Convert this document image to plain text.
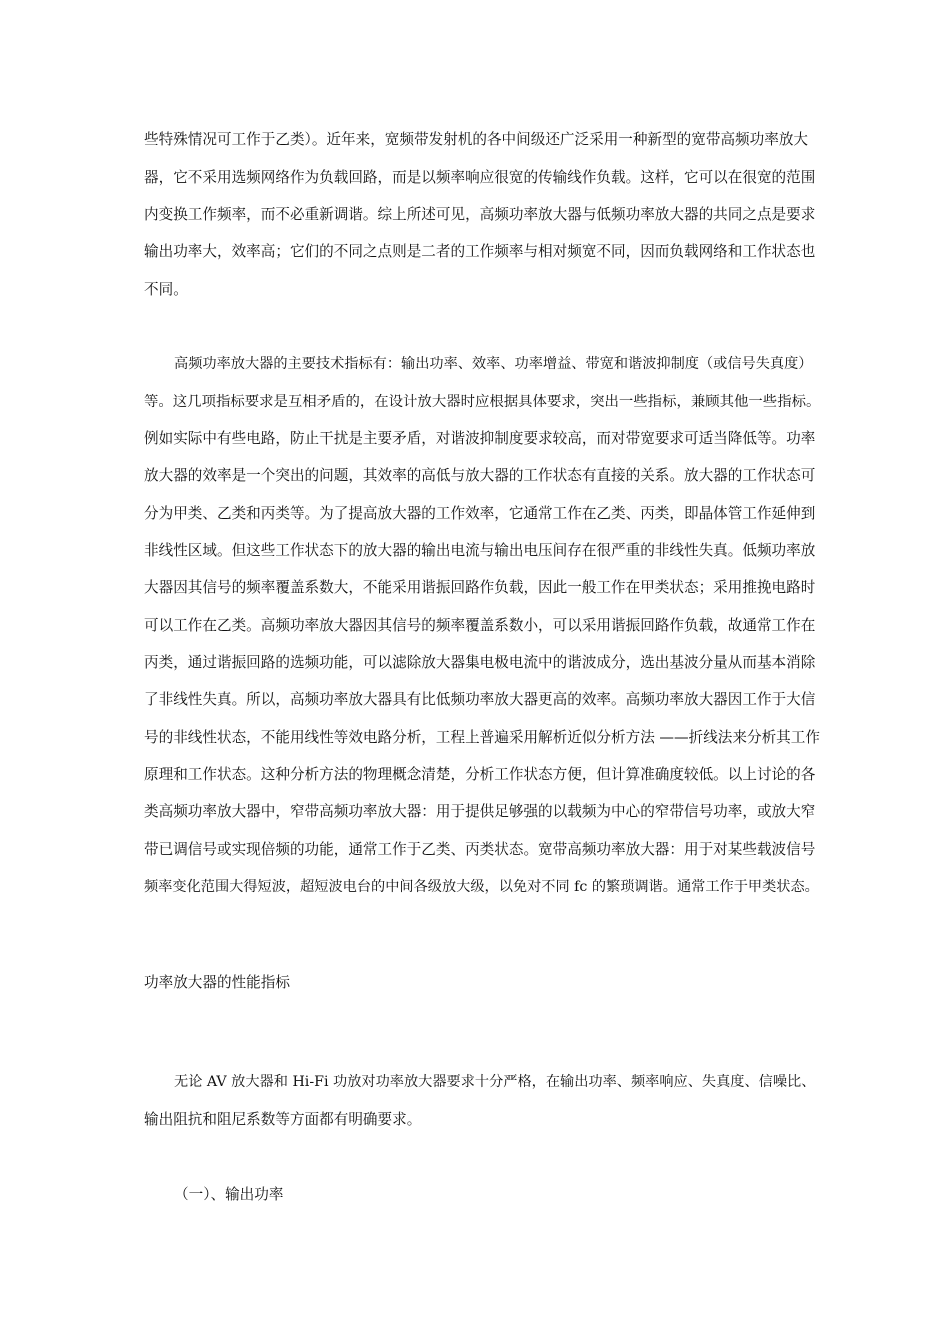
些特殊情况可工作于乙类）。近年来，宽频带发射机的各中间级还广泛采用一种新型的宽带高频功率放大
器，它不采用选频网络作为负载回路，而是以频率响应很宽的传输线作负载。这样，它可以在很宽的范围
内变换工作频率，而不必重新调谐。综上所述可见，高频功率放大器与低频功率放大器的共同之点是要求
输出功率大，效率高；它们的不同之点则是二者的工作频率与相对频宽不同，因而负载网络和工作状态也
不同。
高频功率放大器的主要技术指标有：输出功率、效率、功率增益、带宽和谐波抑制度（或信号失真度）
等。这几项指标要求是互相矛盾的，在设计放大器时应根据具体要求，突出一些指标，兼顾其他一些指标。
例如实际中有些电路，防止干扰是主要矛盾，对谐波抑制度要求较高，而对带宽要求可适当降低等。功率
放大器的效率是一个突出的问题，其效率的高低与放大器的工作状态有直接的关系。放大器的工作状态可
分为甲类、乙类和丙类等。为了提高放大器的工作效率，它通常工作在乙类、丙类，即晶体管工作延伸到
非线性区域。但这些工作状态下的放大器的输出电流与输出电压间存在很严重的非线性失真。低频功率放
大器因其信号的频率覆盖系数大，不能采用谐振回路作负载，因此一般工作在甲类状态；采用推挽电路时
可以工作在乙类。高频功率放大器因其信号的频率覆盖系数小，可以采用谐振回路作负载，故通常工作在
丙类，通过谐振回路的选频功能，可以滤除放大器集电极电流中的谐波成分，选出基波分量从而基本消除
了非线性失真。所以，高频功率放大器具有比低频功率放大器更高的效率。高频功率放大器因工作于大信
号的非线性状态，不能用线性等效电路分析，工程上普遍采用解析近似分析方法 ——折线法来分析其工作
原理和工作状态。这种分析方法的物理概念清楚，分析工作状态方便，但计算准确度较低。以上讨论的各
类高频功率放大器中，窄带高频功率放大器：用于提供足够强的以载频为中心的窄带信号功率，或放大窄
带已调信号或实现倍频的功能，通常工作于乙类、丙类状态。宽带高频功率放大器：用于对某些载波信号
频率变化范围大得短波，超短波电台的中间各级放大级，以免对不同 fc 的繁琐调谐。通常工作于甲类状态。
功率放大器的性能指标
无论 AV 放大器和 Hi-Fi 功放对功率放大器要求十分严格，在输出功率、频率响应、失真度、信噪比、
输出阻抗和阻尼系数等方面都有明确要求。
（一）、输出功率
